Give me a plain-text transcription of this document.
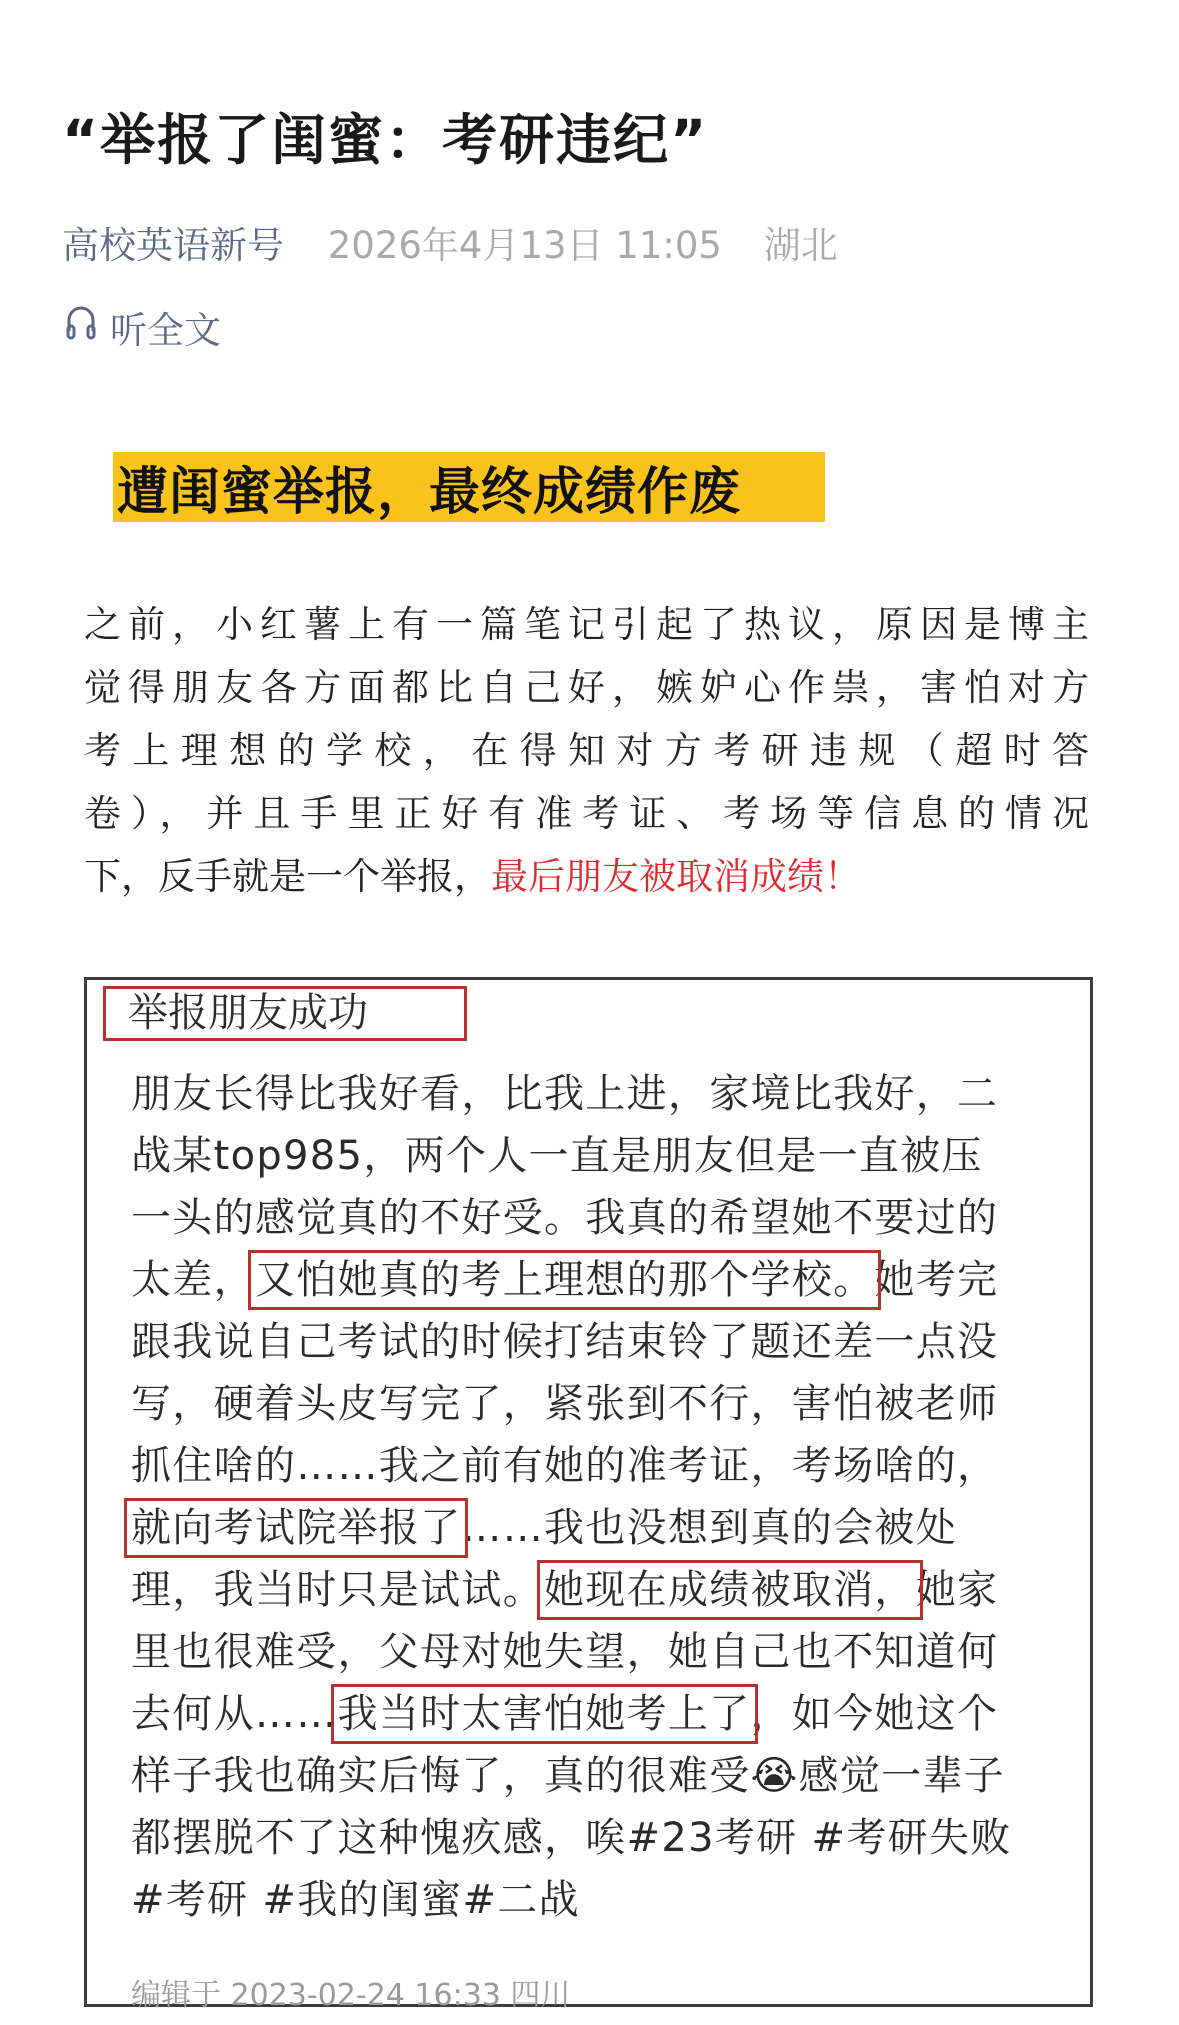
“举报了闺蜜：考研违纪”
高校英语新号 2026年4月13日 11:05 湖北
听全文
遭闺蜜举报，最终成绩作废
之前，小红薯上有一篇笔记引起了热议，原因是博主
觉得朋友各方面都比自己好，嫉妒心作祟，害怕对方
考上理想的学校，在得知对方考研违规（超时答
卷），并且手里正好有准考证、考场等信息的情况
下，反手就是一个举报，最后朋友被取消成绩！
举报朋友成功
朋友长得比我好看，比我上进，家境比我好，二
战某top985，两个人一直是朋友但是一直被压
一头的感觉真的不好受。我真的希望她不要过的
太差，又怕她真的考上理想的那个学校。她考完
跟我说自己考试的时候打结束铃了题还差一点没
写，硬着头皮写完了，紧张到不行，害怕被老师
抓住啥的……我之前有她的准考证，考场啥的，
就向考试院举报了……我也没想到真的会被处
理，我当时只是试试。她现在成绩被取消，她家
里也很难受，父母对她失望，她自己也不知道何
去何从……我当时太害怕她考上了，如今她这个
样子我也确实后悔了，真的很难受😭感觉一辈子
都摆脱不了这种愧疚感，唉#23考研 #考研失败
#考研 #我的闺蜜#二战
编辑于 2023-02-24 16:33 四川
